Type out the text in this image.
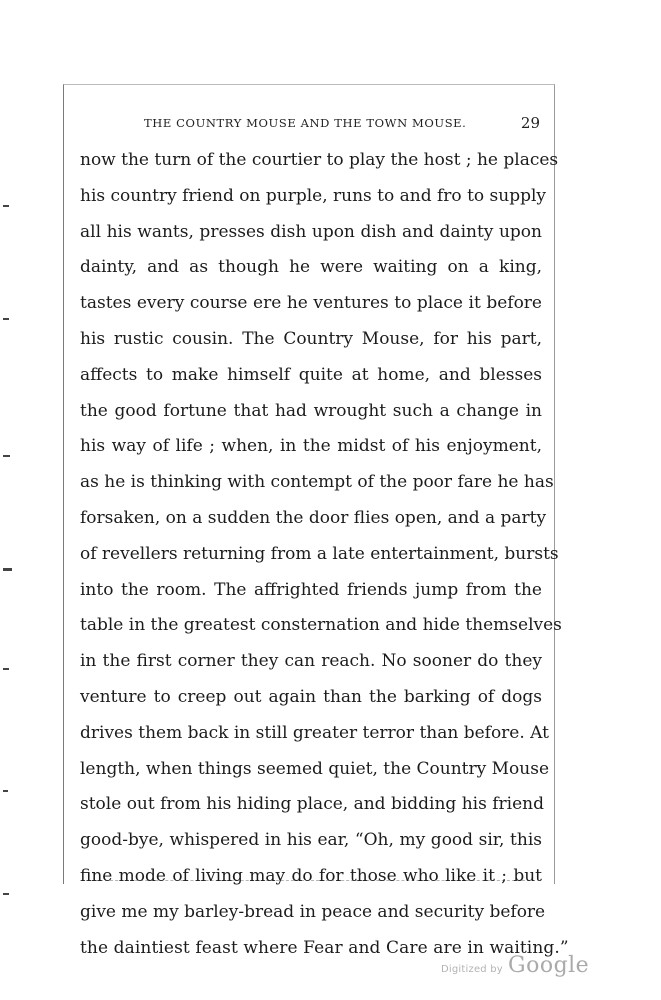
THE COUNTRY MOUSE AND THE TOWN MOUSE.	29
now the turn of the courtier to play the host ; he places
his country friend on purple, runs to and fro to supply
all his wants, presses dish upon dish and dainty upon
dainty, and as though he were waiting on a king,
tastes every course ere he ventures to place it before
his rustic cousin. The Country Mouse, for his part,
affects to make himself quite at home, and blesses
the good fortune that had wrought such a change in
his way of life ; when, in the midst of his enjoyment,
as he is thinking with contempt of the poor fare he has
forsaken, on a sudden the door flies open, and a party
of revellers returning from a late entertainment, bursts
into the room. The affrighted friends jump from the
table in the greatest consternation and hide themselves
in the first corner they can reach. No sooner do they
venture to creep out again than the barking of dogs
drives them back in still greater terror than before. At
length, when things seemed quiet, the Country Mouse
stole out from his hiding place, and bidding his friend
good-bye, whispered in his ear, “Oh, my good sir, this
fine mode of living may do for those who like it ; but
give me my barley-bread in peace and security before
the daintiest feast where Fear and Care are in waiting.”
Digitized by Google
